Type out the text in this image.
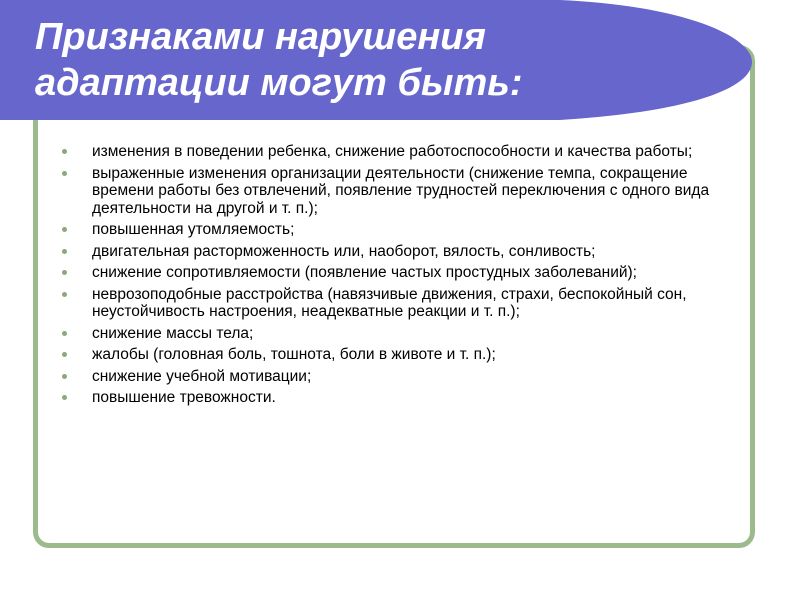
Признаками нарушения
адаптации могут быть:
изменения в поведении ребенка, снижение работоспособности и качества работы;
выраженные изменения организации деятельности (снижение темпа, сокращение времени работы без отвлечений, появление трудностей переключения с одного вида деятельности на другой и т. п.);
повышенная утомляемость;
двигательная расторможенность или, наоборот, вялость, сонливость;
снижение сопротивляемости (появление частых простудных заболеваний);
неврозоподобные расстройства (навязчивые движения, страхи, беспокойный сон, неустойчивость настроения, неадекватные реакции и т. п.);
снижение массы тела;
жалобы (головная боль, тошнота, боли в животе и т. п.);
снижение учебной мотивации;
повышение тревожности.
